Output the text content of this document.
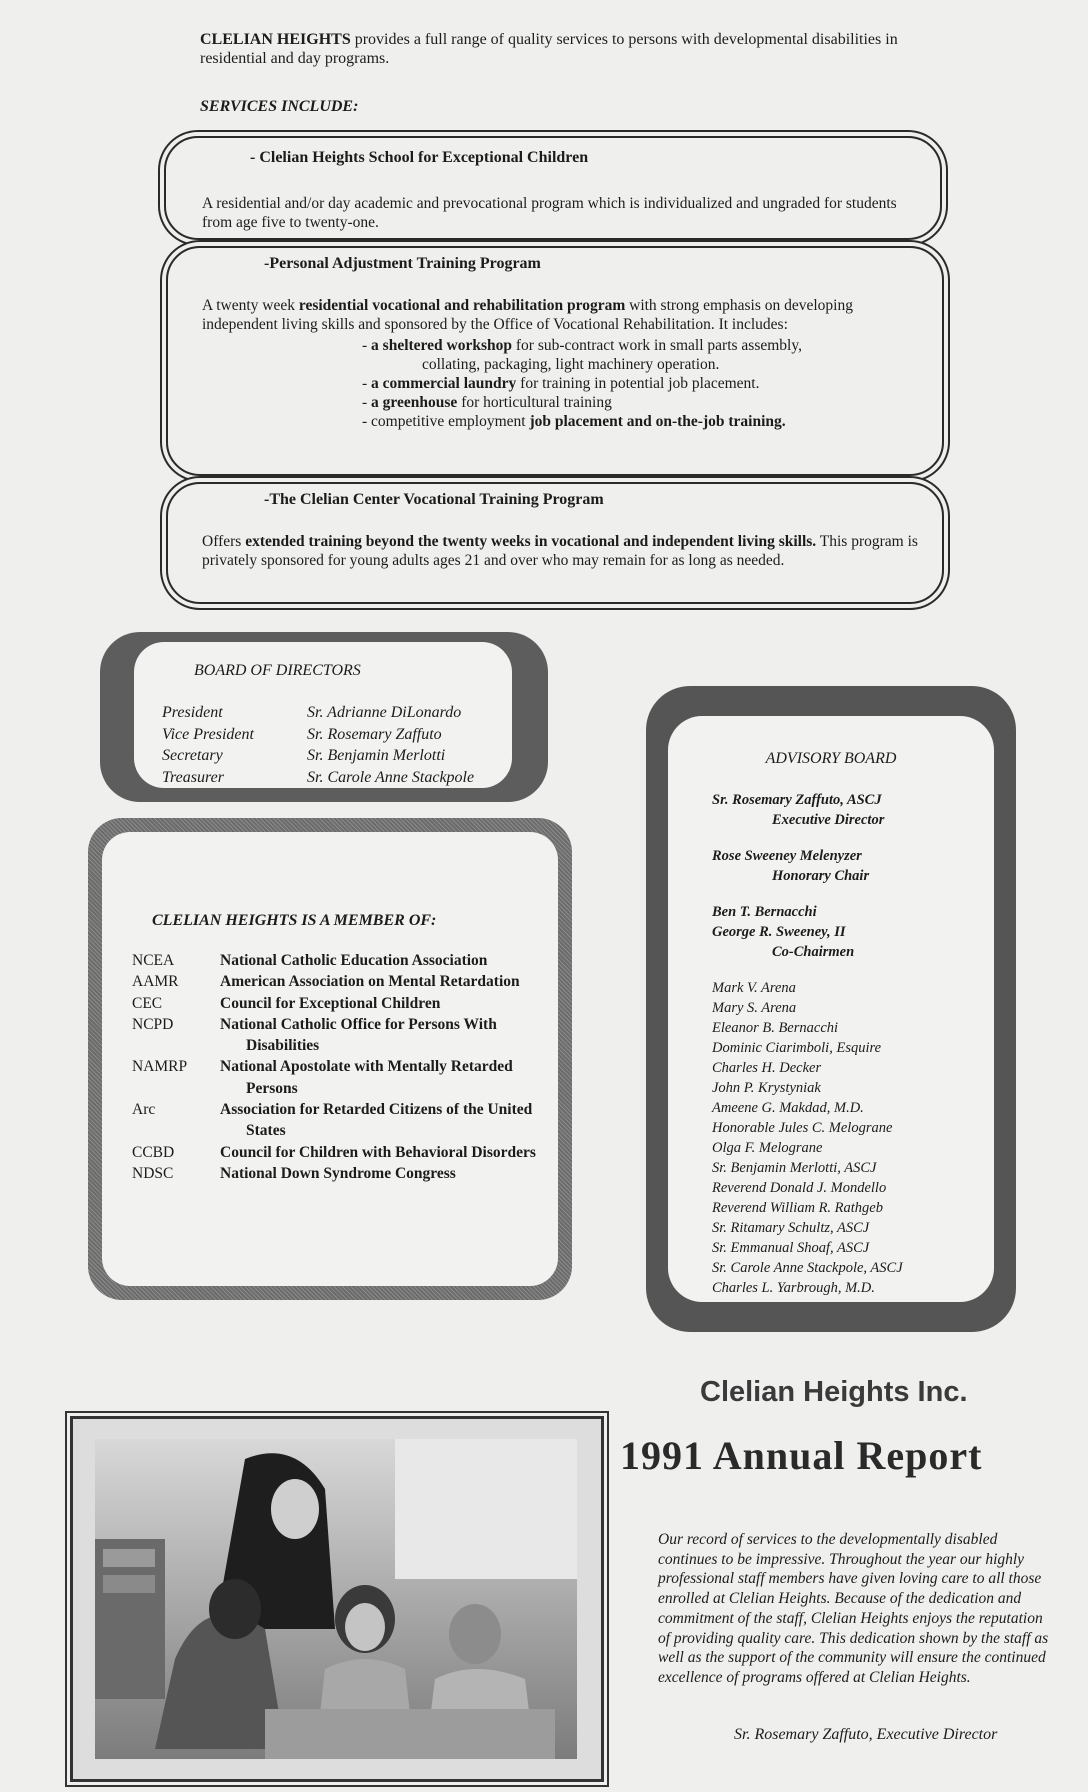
CLELIAN HEIGHTS provides a full range of quality services to persons with developmental disabilities in residential and day programs.
SERVICES INCLUDE:
- Clelian Heights School for Exceptional Children
A residential and/or day academic and prevocational program which is individualized and ungraded for students from age five to twenty-one.
-Personal Adjustment Training Program
A twenty week residential vocational and rehabilitation program with strong emphasis on developing independent living skills and sponsored by the Office of Vocational Rehabilitation. It includes:
- a sheltered workshop for sub-contract work in small parts assembly,
collating, packaging, light machinery operation.
- a commercial laundry for training in potential job placement.
- a greenhouse for horticultural training
- competitive employment job placement and on-the-job training.
-The Clelian Center Vocational Training Program
Offers extended training beyond the twenty weeks in vocational and independent living skills. This program is privately sponsored for young adults ages 21 and over who may remain for as long as needed.
BOARD OF DIRECTORS
President	Sr. Adrianne DiLonardo
Vice President	Sr. Rosemary Zaffuto
Secretary	Sr. Benjamin Merlotti
Treasurer	Sr. Carole Anne Stackpole
CLELIAN HEIGHTS IS A MEMBER OF:
NCEA	National Catholic Education Association
AAMR	American Association on Mental Retardation
CEC	Council for Exceptional Children
NCPD	National Catholic Office for Persons With Disabilities
NAMRP	National Apostolate with Mentally Retarded Persons
Arc	Association for Retarded Citizens of the United States
CCBD	Council for Children with Behavioral Disorders
NDSC	National Down Syndrome Congress
ADVISORY BOARD
Sr. Rosemary Zaffuto, ASCJ
Executive Director
Rose Sweeney Melenyzer
Honorary Chair
Ben T. Bernacchi
George R. Sweeney, II
Co-Chairmen
Mark V. Arena
Mary S. Arena
Eleanor B. Bernacchi
Dominic Ciarimboli, Esquire
Charles H. Decker
John P. Krystyniak
Ameene G. Makdad, M.D.
Honorable Jules C. Melograne
Olga F. Melograne
Sr. Benjamin Merlotti, ASCJ
Reverend Donald J. Mondello
Reverend William R. Rathgeb
Sr. Ritamary Schultz, ASCJ
Sr. Emmanual Shoaf, ASCJ
Sr. Carole Anne Stackpole, ASCJ
Charles L. Yarbrough, M.D.
Clelian Heights Inc.
1991 Annual Report
Our record of services to the developmentally disabled continues to be impressive. Throughout the year our highly professional staff members have given loving care to all those enrolled at Clelian Heights. Because of the dedication and commitment of the staff, Clelian Heights enjoys the reputation of providing quality care. This dedication shown by the staff as well as the support of the community will ensure the continued excellence of programs offered at Clelian Heights.
Sr. Rosemary Zaffuto, Executive Director
